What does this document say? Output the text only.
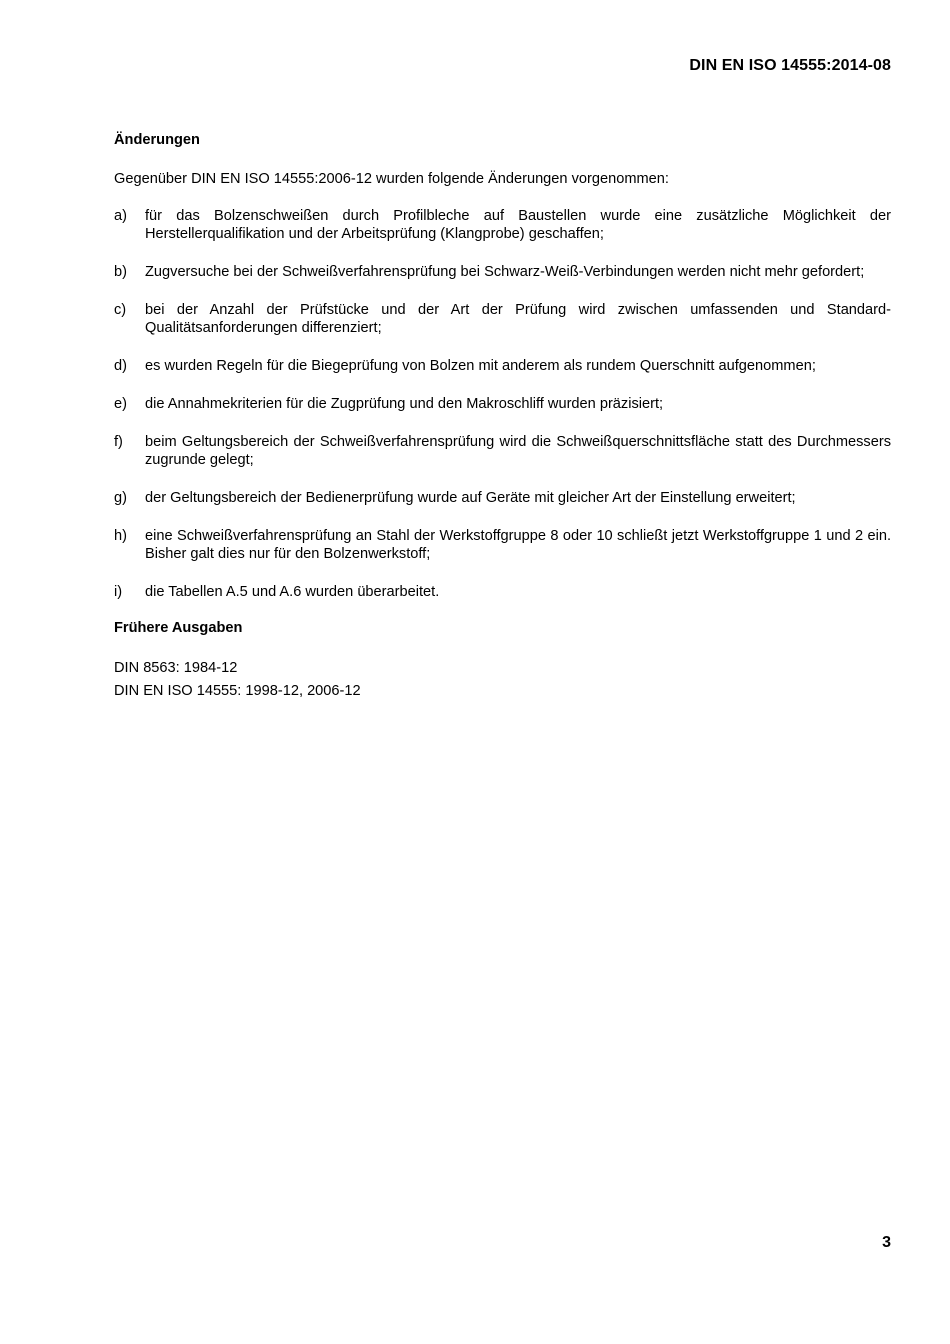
DIN EN ISO 14555:2014-08
Änderungen
Gegenüber DIN EN ISO 14555:2006-12 wurden folgende Änderungen vorgenommen:
a)	für das Bolzenschweißen durch Profilbleche auf Baustellen wurde eine zusätzliche Möglichkeit der Herstellerqualifikation und der Arbeitsprüfung (Klangprobe) geschaffen;
b)	Zugversuche bei der Schweißverfahrensprüfung bei Schwarz-Weiß-Verbindungen werden nicht mehr gefordert;
c)	bei der Anzahl der Prüfstücke und der Art der Prüfung wird zwischen umfassenden und Standard-Qualitätsanforderungen differenziert;
d)	es wurden Regeln für die Biegeprüfung von Bolzen mit anderem als rundem Querschnitt aufgenommen;
e)	die Annahmekriterien für die Zugprüfung und den Makroschliff wurden präzisiert;
f)	beim Geltungsbereich der Schweißverfahrensprüfung wird die Schweißquerschnittsfläche statt des Durchmessers zugrunde gelegt;
g)	der Geltungsbereich der Bedienerprüfung wurde auf Geräte mit gleicher Art der Einstellung erweitert;
h)	eine Schweißverfahrensprüfung an Stahl der Werkstoffgruppe 8 oder 10 schließt jetzt Werkstoffgruppe 1 und 2 ein. Bisher galt dies nur für den Bolzenwerkstoff;
i)	die Tabellen A.5 und A.6 wurden überarbeitet.
Frühere Ausgaben
DIN 8563: 1984-12
DIN EN ISO 14555: 1998-12, 2006-12
3
